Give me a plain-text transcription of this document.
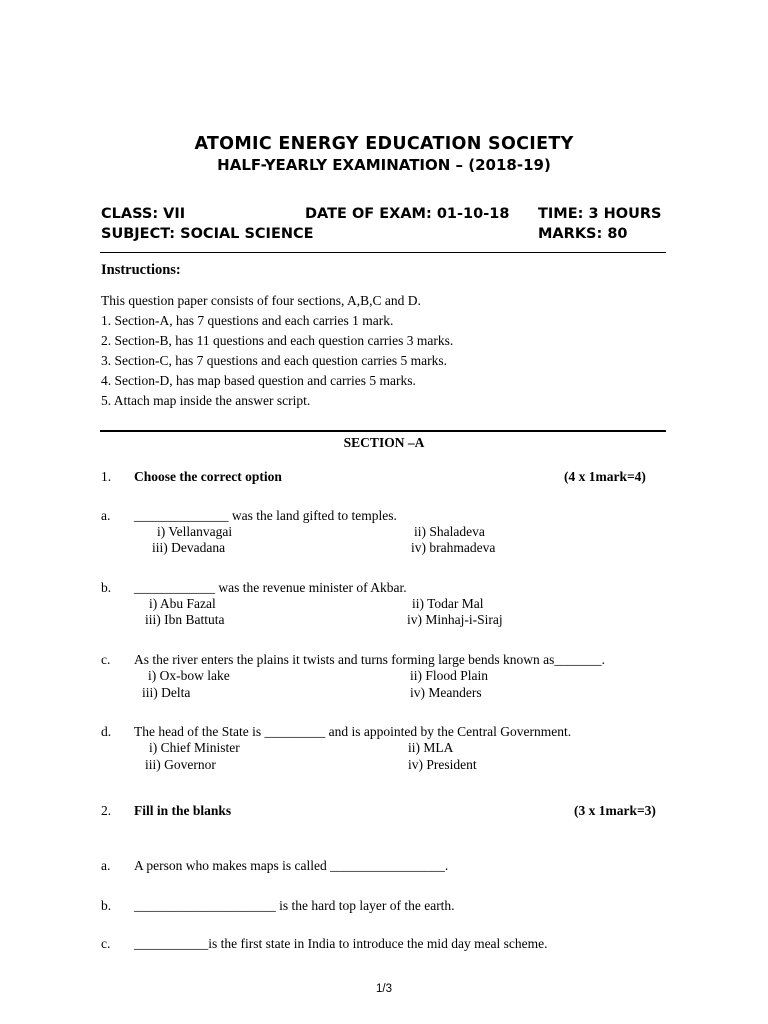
ATOMIC ENERGY EDUCATION SOCIETY
HALF-YEARLY EXAMINATION – (2018-19)
CLASS: VII	DATE OF EXAM: 01-10-18 TIME: 3 HOURS
SUBJECT: SOCIAL SCIENCE	MARKS: 80
Instructions:
This question paper consists of four sections, A,B,C and D.
1. Section-A, has 7 questions and each carries 1 mark.
2. Section-B, has 11 questions and each question carries 3 marks.
3. Section-C, has 7 questions and each question carries 5 marks.
4. Section-D, has map based question and carries 5 marks.
5. Attach map inside the answer script.
SECTION –A
1. Choose the correct option	(4 x 1mark=4)
a. ______________ was the land gifted to temples.
i) Vellanvagai	ii) Shaladeva
iii) Devadana	iv) brahmadeva
b. ____________ was the revenue minister of Akbar.
i) Abu Fazal	ii) Todar Mal
iii) Ibn Battuta	iv) Minhaj-i-Siraj
c. As the river enters the plains it twists and turns forming large bends known as_______.
i) Ox-bow lake	ii) Flood Plain
iii) Delta	iv) Meanders
d. The head of the State is _________ and is appointed by the Central Government.
i) Chief Minister	ii) MLA
iii) Governor	iv) President
2. Fill in the blanks	(3 x 1mark=3)
a. A person who makes maps is called _________________.
b. _____________________ is the hard top layer of the earth.
c. ___________is the first state in India to introduce the mid day meal scheme.
1/3
